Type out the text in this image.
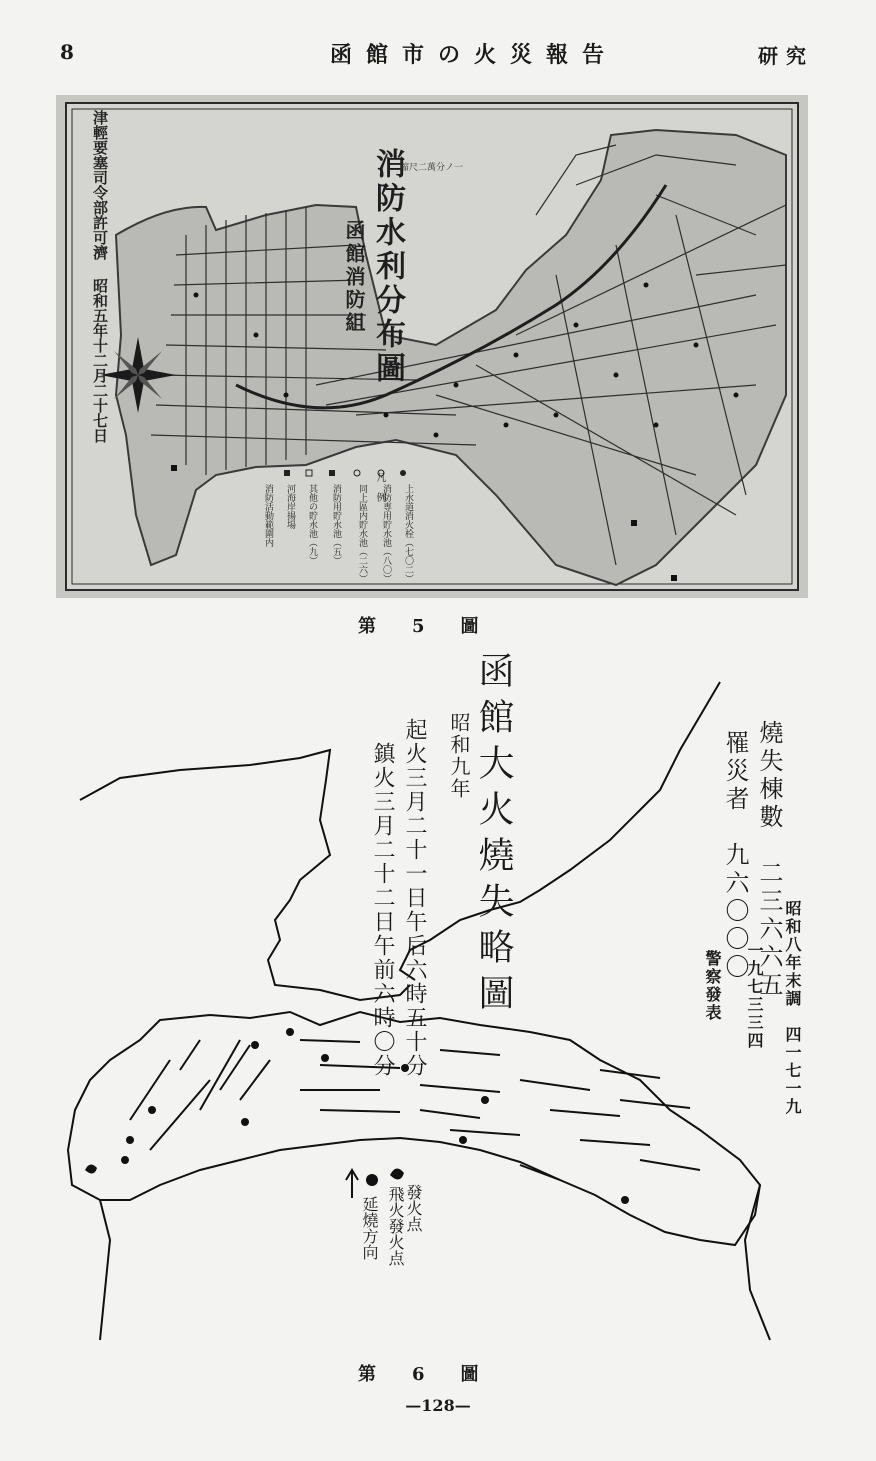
8	函館市の火災報告	研究
津輕要塞司令部許可濟 昭和五年十二月二十七日	消防水利分布圖
函館消防組
縮尺二萬分ノ一
凡　例 上水道消火栓（七〇二）
消防専用貯水池（八〇）
同上區内貯水池（二六）
消防用貯水池（五）
其他の貯水池（九）
河海岸揚場
消防活動範圍内
第　　5　　圖
函館大火燒失略圖
昭和九年
起火三月二十一日午后六時五十分
鎮火三月二十二日午前六時〇分	燒失棟數　二三六六五
罹災者　九六〇〇〇
昭和八年末調　四一七一九
一九七三三四
警察發表
發火点
飛火發火点
延燒方向
第　　6　　圖
—128—
